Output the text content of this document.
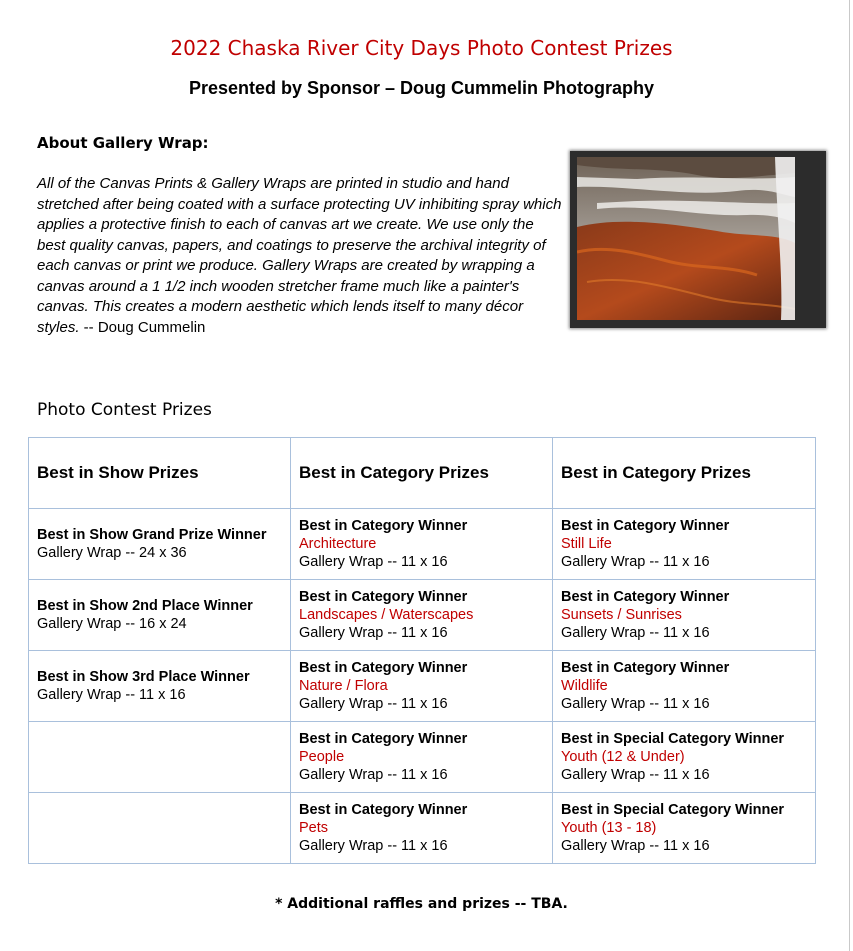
2022 Chaska River City Days Photo Contest Prizes
Presented by Sponsor – Doug Cummelin Photography
About Gallery Wrap:
All of the Canvas Prints & Gallery Wraps are printed in studio and hand stretched after being coated with a surface protecting UV inhibiting spray which applies a protective finish to each of canvas art we create. We use only the best quality canvas, papers, and coatings to preserve the archival integrity of each canvas or print we produce. Gallery Wraps are created by wrapping a canvas around a 1 1/2 inch wooden stretcher frame much like a painter's canvas. This creates a modern aesthetic which lends itself to many décor styles. -- Doug Cummelin
Photo Contest Prizes
Best in Show Prizes	Best in Category Prizes	Best in Category Prizes

Best in Show Grand Prize Winner
Gallery Wrap -- 24 x 36	Best in Category Winner
Architecture
Gallery Wrap -- 11 x 16	Best in Category Winner
Still Life
Gallery Wrap -- 11 x 16

Best in Show 2nd Place Winner
Gallery Wrap -- 16 x 24	Best in Category Winner
Landscapes / Waterscapes
Gallery Wrap -- 11 x 16	Best in Category Winner
Sunsets / Sunrises
Gallery Wrap -- 11 x 16

Best in Show 3rd Place Winner
Gallery Wrap -- 11 x 16	Best in Category Winner
Nature / Flora
Gallery Wrap -- 11 x 16	Best in Category Winner
Wildlife
Gallery Wrap -- 11 x 16

	Best in Category Winner
People
Gallery Wrap -- 11 x 16	Best in Special Category Winner
Youth (12 & Under)
Gallery Wrap -- 11 x 16

	Best in Category Winner
Pets
Gallery Wrap -- 11 x 16	Best in Special Category Winner
Youth (13 - 18)
Gallery Wrap -- 11 x 16
* Additional raffles and prizes -- TBA.
